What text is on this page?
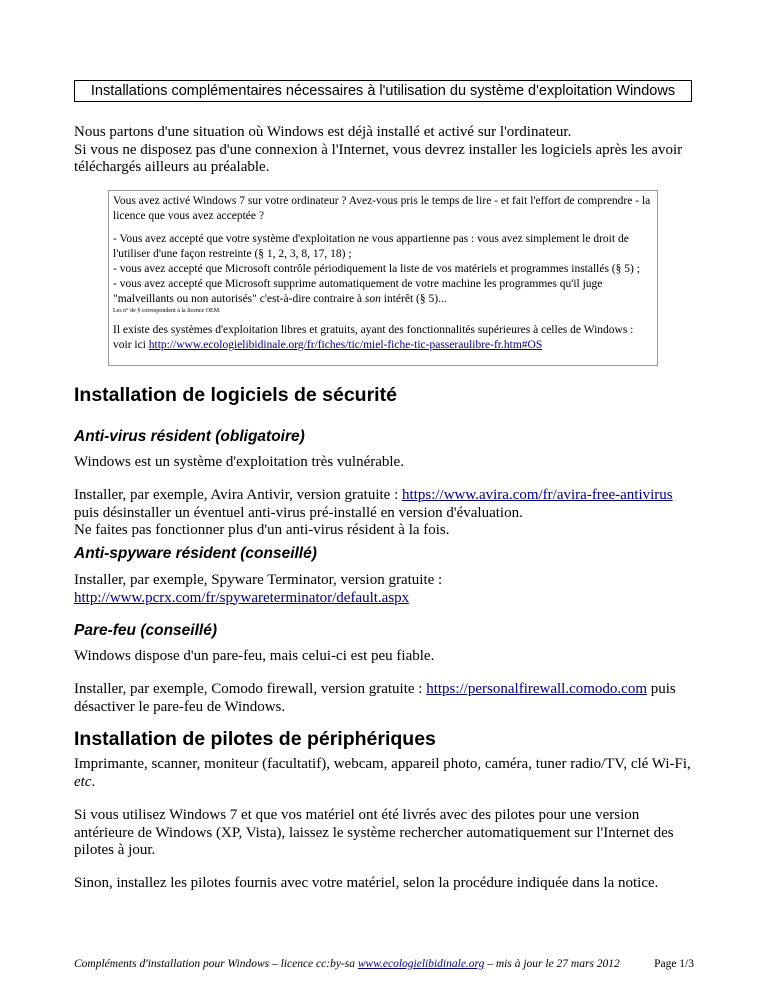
Installations complémentaires nécessaires à l'utilisation du système d'exploitation Windows
Nous partons d'une situation où Windows est déjà installé et activé sur l'ordinateur.
Si vous ne disposez pas d'une connexion à l'Internet, vous devrez installer les logiciels après les avoir téléchargés ailleurs au préalable.

Vous avez activé Windows 7 sur votre ordinateur ? Avez-vous pris le temps de lire - et fait l'effort de comprendre - la licence que vous avez acceptée ?

- Vous avez accepté que votre système d'exploitation ne vous appartienne pas : vous avez simplement le droit de l'utiliser d'une façon restreinte (§ 1, 2, 3, 8, 17, 18) ;

- vous avez accepté que Microsoft contrôle périodiquement la liste de vos matériels et programmes installés (§ 5) ;

- vous avez accepté que Microsoft supprime automatiquement de votre machine les programmes qu'il juge "malveillants ou non autorisés" c'est-à-dire contraire à son intérêt (§ 5)...

Les n° de § correspondent à la licence OEM.

Il existe des systèmes d'exploitation libres et gratuits, ayant des fonctionnalités supérieures à celles de Windows : voir ici http://www.ecologielibidinale.org/fr/fiches/tic/miel-fiche-tic-passeraulibre-fr.htm#OS

Installation de logiciels de sécurité
Anti-virus résident (obligatoire)
Windows est un système d'exploitation très vulnérable.
Installer, par exemple, Avira Antivir, version gratuite : https://www.avira.com/fr/avira-free-antivirus
puis désinstaller un éventuel anti-virus pré-installé en version d'évaluation.
Ne faites pas fonctionner plus d'un anti-virus résident à la fois.
Anti-spyware résident (conseillé)
Installer, par exemple, Spyware Terminator, version gratuite :
http://www.pcrx.com/fr/spywareterminator/default.aspx
Pare-feu (conseillé)
Windows dispose d'un pare-feu, mais celui-ci est peu fiable.
Installer, par exemple, Comodo firewall, version gratuite : https://personalfirewall.comodo.com puis désactiver le pare-feu de Windows.
Installation de pilotes de périphériques
Imprimante, scanner, moniteur (facultatif), webcam, appareil photo, caméra, tuner radio/TV, clé Wi-Fi, etc.
Si vous utilisez Windows 7 et que vos matériel ont été livrés avec des pilotes pour une version antérieure de Windows (XP, Vista), laissez le système rechercher automatiquement sur l'Internet des pilotes à jour.
Sinon, installez les pilotes fournis avec votre matériel, selon la procédure indiquée dans la notice.
Compléments d'installation pour Windows – licence cc:by-sa www.ecologielibidinale.org – mis à jour le 27 mars 2012	Page 1/3
